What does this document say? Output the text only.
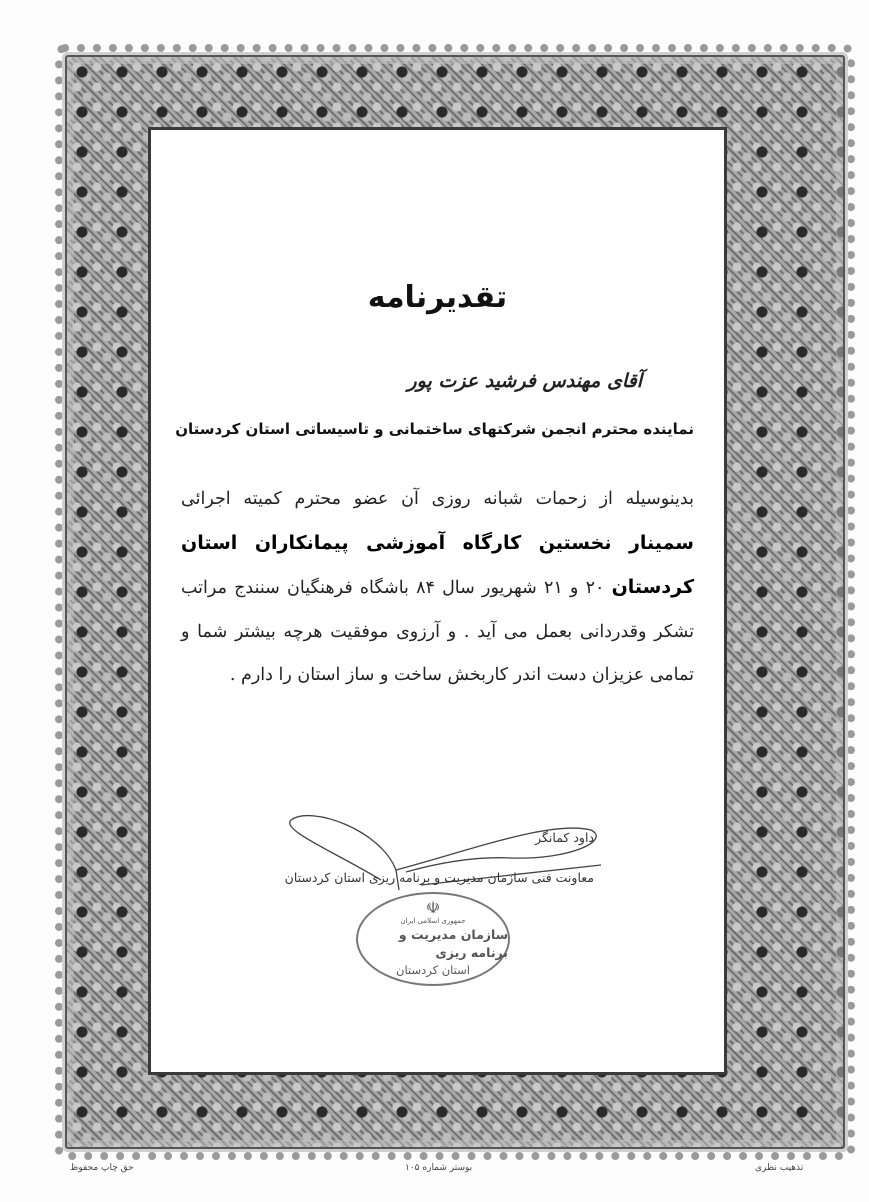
تقدیرنامه
آقای مهندس فرشید عزت پور
نماینده محترم انجمن شرکتهای ساختمانی و تاسیساتی استان کردستان
بدینوسیله از زحمات شبانه روزی آن عضو محترم کمیته اجرائی سمینار نخستین کارگاه آموزشی پیمانکاران استان کردستان ۲۰ و ۲۱ شهریور سال ۸۴ باشگاه فرهنگیان سنندج مراتب تشکر وقدردانی بعمل می آید . و آرزوی موفقیت هرچه بیشتر شما و تمامی عزیزان دست اندر کاربخش ساخت و ساز استان را دارم .
داود کمانگر
معاونت فنی سازمان مدیریت و برنامه ریزی استان کردستان
☫
جمهوری اسلامی ایران
سازمان مدیریت و برنامه ریزی
استان کردستان
حق چاپ محفوظ	بوستر شماره ۱۰۵	تذهیب نظری
